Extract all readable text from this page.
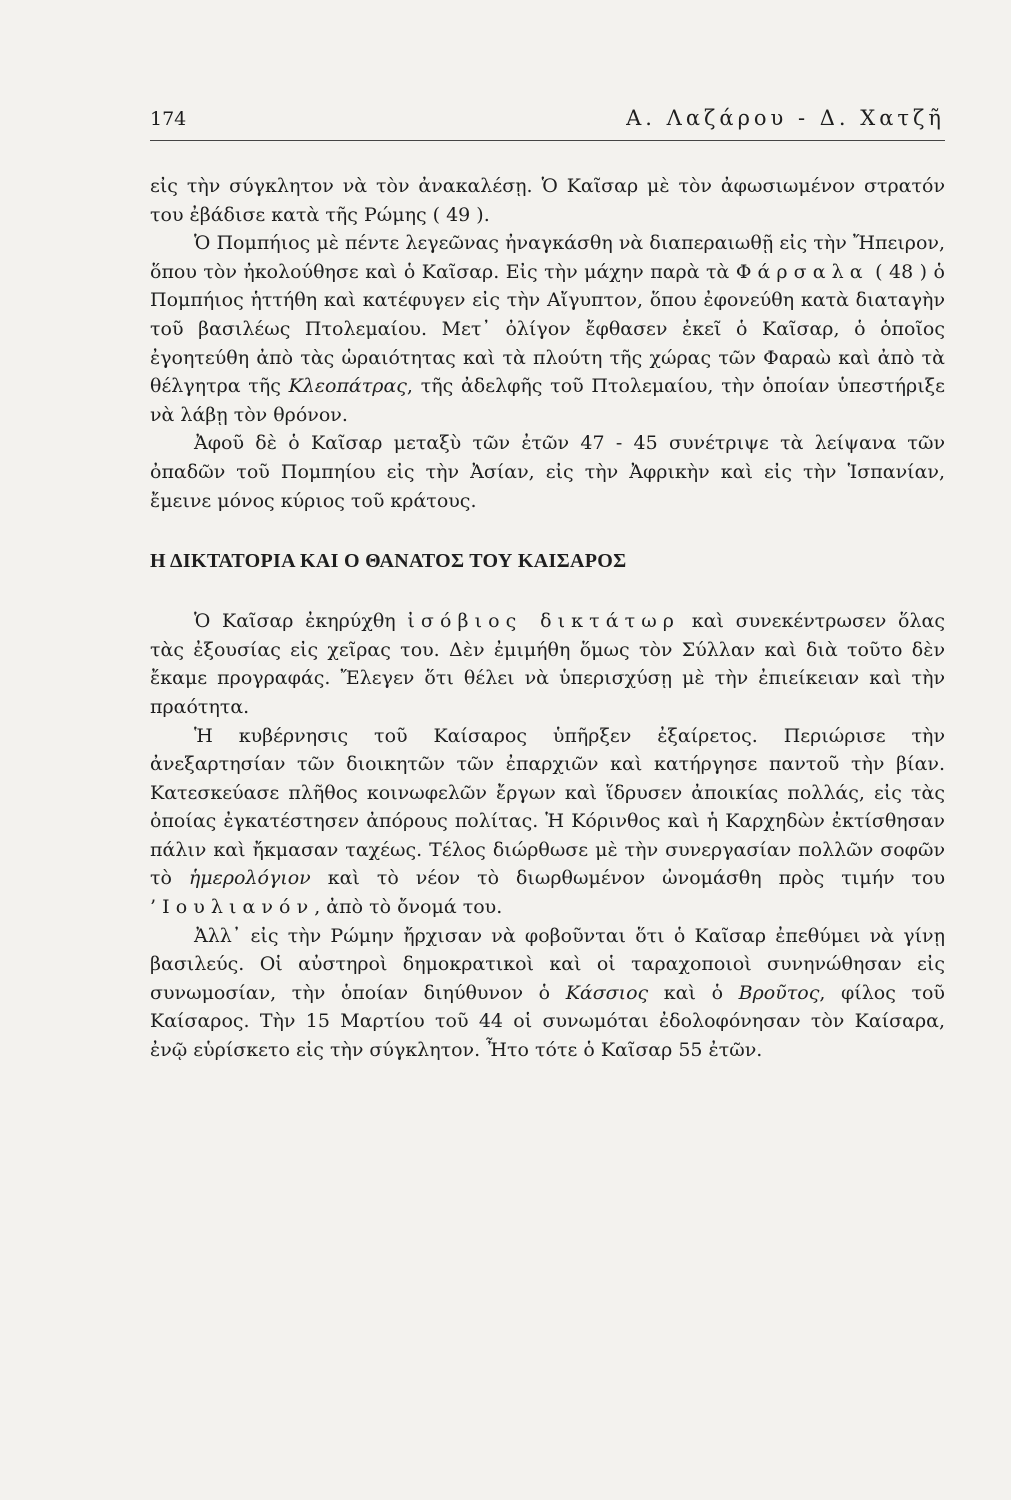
174	Α. Λαζάρου - Δ. Χατζῆ

εἰς τὴν σύγκλητον νὰ τὸν ἀνακαλέσῃ. Ὁ Καῖσαρ μὲ τὸν ἀφωσιωμένον στρατόν του ἐβάδισε κατὰ τῆς Ρώμης ( 49 ).

Ὁ Πομπήιος μὲ πέντε λεγεῶνας ἠναγκάσθη νὰ διαπεραιωθῇ εἰς τὴν Ἤπειρον, ὅπου τὸν ἠκολούθησε καὶ ὁ Καῖσαρ. Εἰς τὴν μάχην παρὰ τὰ Φάρσαλα ( 48 ) ὁ Πομπήιος ἡττήθη καὶ κατέφυγεν εἰς τὴν Αἴγυπτον, ὅπου ἐφονεύθη κατὰ διαταγὴν τοῦ βασιλέως Πτολεμαίου. Μετ᾽ ὀλίγον ἔφθασεν ἐκεῖ ὁ Καῖσαρ, ὁ ὁποῖος ἐγοητεύθη ἀπὸ τὰς ὡραιότητας καὶ τὰ πλούτη τῆς χώρας τῶν Φαραὼ καὶ ἀπὸ τὰ θέλγητρα τῆς Κλεοπάτρας, τῆς ἀδελφῆς τοῦ Πτολεμαίου, τὴν ὁποίαν ὑπεστήριξε νὰ λάβῃ τὸν θρόνον.

Ἀφοῦ δὲ ὁ Καῖσαρ μεταξὺ τῶν ἐτῶν 47 - 45 συνέτριψε τὰ λείψανα τῶν ὀπαδῶν τοῦ Πομπηίου εἰς τὴν Ἀσίαν, εἰς τὴν Ἀφρικὴν καὶ εἰς τὴν Ἱσπανίαν, ἔμεινε μόνος κύριος τοῦ κράτους.

Η ΔΙΚΤΑΤΟΡΙΑ ΚΑΙ Ο ΘΑΝΑΤΟΣ ΤΟΥ ΚΑΙΣΑΡΟΣ

Ὁ Καῖσαρ ἐκηρύχθη ἰσόβιος δικτάτωρ καὶ συνεκέντρωσεν ὅλας τὰς ἐξουσίας εἰς χεῖρας του. Δὲν ἐμιμήθη ὅμως τὸν Σύλλαν καὶ διὰ τοῦτο δὲν ἔκαμε προγραφάς. Ἔλεγεν ὅτι θέλει νὰ ὑπερισχύσῃ μὲ τὴν ἐπιείκειαν καὶ τὴν πραότητα.

Ἡ κυβέρνησις τοῦ Καίσαρος ὑπῆρξεν ἐξαίρετος. Περιώρισε τὴν ἀνεξαρτησίαν τῶν διοικητῶν τῶν ἐπαρχιῶν καὶ κατήργησε παντοῦ τὴν βίαν. Κατεσκεύασε πλῆθος κοινωφελῶν ἔργων καὶ ἵδρυσεν ἀποικίας πολλάς, εἰς τὰς ὁποίας ἐγκατέστησεν ἀπόρους πολίτας. Ἡ Κόρινθος καὶ ἡ Καρχηδὼν ἐκτίσθησαν πάλιν καὶ ἤκμασαν ταχέως. Τέλος διώρθωσε μὲ τὴν συνεργασίαν πολλῶν σοφῶν τὸ ἡμερολόγιον καὶ τὸ νέον τὸ διωρθωμένον ὠνομάσθη πρὸς τιμήν του ’Ιουλιανόν, ἀπὸ τὸ ὄνομά του.

Ἀλλ᾽ εἰς τὴν Ρώμην ἤρχισαν νὰ φοβοῦνται ὅτι ὁ Καῖσαρ ἐπεθύμει νὰ γίνῃ βασιλεύς. Οἱ αὐστηροὶ δημοκρατικοὶ καὶ οἱ ταραχοποιοὶ συνηνώθησαν εἰς συνωμοσίαν, τὴν ὁποίαν διηύθυνον ὁ Κάσσιος καὶ ὁ Βροῦτος, φίλος τοῦ Καίσαρος. Τὴν 15 Μαρτίου τοῦ 44 οἱ συνωμόται ἐδολοφόνησαν τὸν Καίσαρα, ἐνῷ εὑρίσκετο εἰς τὴν σύγκλητον. Ἦτο τότε ὁ Καῖσαρ 55 ἐτῶν.
